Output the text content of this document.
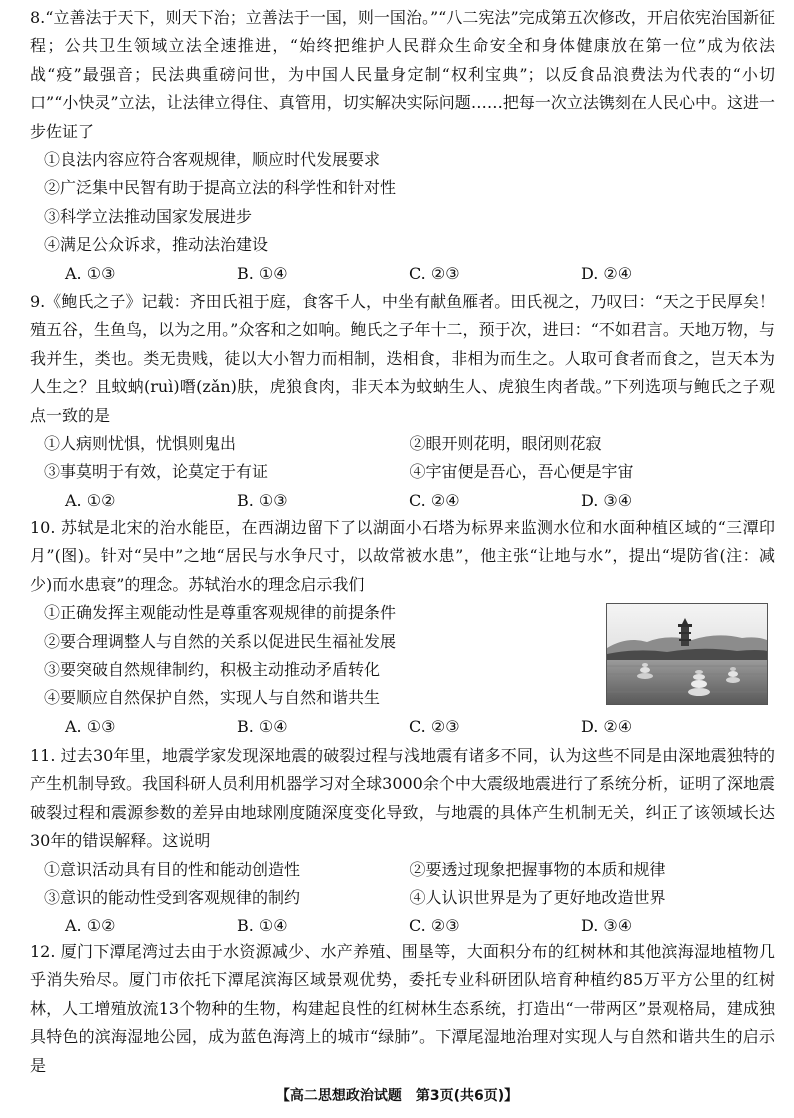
8.“立善法于天下，则天下治；立善法于一国，则一国治。”“八二宪法”完成第五次修改，开启依宪治国新征程；公共卫生领域立法全速推进，“始终把维护人民群众生命安全和身体健康放在第一位”成为依法战“疫”最强音；民法典重磅问世，为中国人民量身定制“权利宝典”；以反食品浪费法为代表的“小切口”“小快灵”立法，让法律立得住、真管用，切实解决实际问题……把每一次立法镌刻在人民心中。这进一步佐证了

①良法内容应符合客观规律，顺应时代发展要求

②广泛集中民智有助于提高立法的科学性和针对性

③科学立法推动国家发展进步

④满足公众诉求，推动法治建设

A. ①③	B. ①④	C. ②③	D. ②④

9.《鲍氏之子》记载：齐田氏祖于庭，食客千人，中坐有献鱼雁者。田氏视之，乃叹曰：“天之于民厚矣！殖五谷，生鱼鸟，以为之用。”众客和之如响。鲍氏之子年十二，预于次，进曰：“不如君言。天地万物，与我并生，类也。类无贵贱，徒以大小智力而相制，迭相食，非相为而生之。人取可食者而食之，岂天本为人生之？且蚊蚋(ruì)噆(zǎn)肤，虎狼食肉，非天本为蚊蚋生人、虎狼生肉者哉。”下列选项与鲍氏之子观点一致的是

①人病则忧惧，忧惧则鬼出	②眼开则花明，眼闭则花寂
③事莫明于有效，论莫定于有证	④宇宙便是吾心，吾心便是宇宙
A. ①②	B. ①③	C. ②④	D. ③④

10. 苏轼是北宋的治水能臣，在西湖边留下了以湖面小石塔为标界来监测水位和水面种植区域的“三潭印月”(图)。针对“吴中”之地“居民与水争尺寸，以故常被水患”，他主张“让地与水”，提出“堤防省(注：减少)而水患衰”的理念。苏轼治水的理念启示我们

①正确发挥主观能动性是尊重客观规律的前提条件

②要合理调整人与自然的关系以促进民生福祉发展

③要突破自然规律制约，积极主动推动矛盾转化

④要顺应自然保护自然，实现人与自然和谐共生

A. ①③	B. ①④	C. ②③	D. ②④

11. 过去30年里，地震学家发现深地震的破裂过程与浅地震有诸多不同，认为这些不同是由深地震独特的产生机制导致。我国科研人员利用机器学习对全球3000余个中大震级地震进行了系统分析，证明了深地震破裂过程和震源参数的差异由地球刚度随深度变化导致，与地震的具体产生机制无关，纠正了该领域长达30年的错误解释。这说明

①意识活动具有目的性和能动创造性	②要透过现象把握事物的本质和规律
③意识的能动性受到客观规律的制约	④人认识世界是为了更好地改造世界
A. ①②	B. ①④	C. ②③	D. ③④

12. 厦门下潭尾湾过去由于水资源减少、水产养殖、围垦等，大面积分布的红树林和其他滨海湿地植物几乎消失殆尽。厦门市依托下潭尾滨海区域景观优势，委托专业科研团队培育种植约85万平方公里的红树林，人工增殖放流13个物种的生物，构建起良性的红树林生态系统，打造出“一带两区”景观格局，建成独具特色的滨海湿地公园，成为蓝色海湾上的城市“绿肺”。下潭尾湿地治理对实现人与自然和谐共生的启示是

【高二思想政治试题　第3页(共6页)】
